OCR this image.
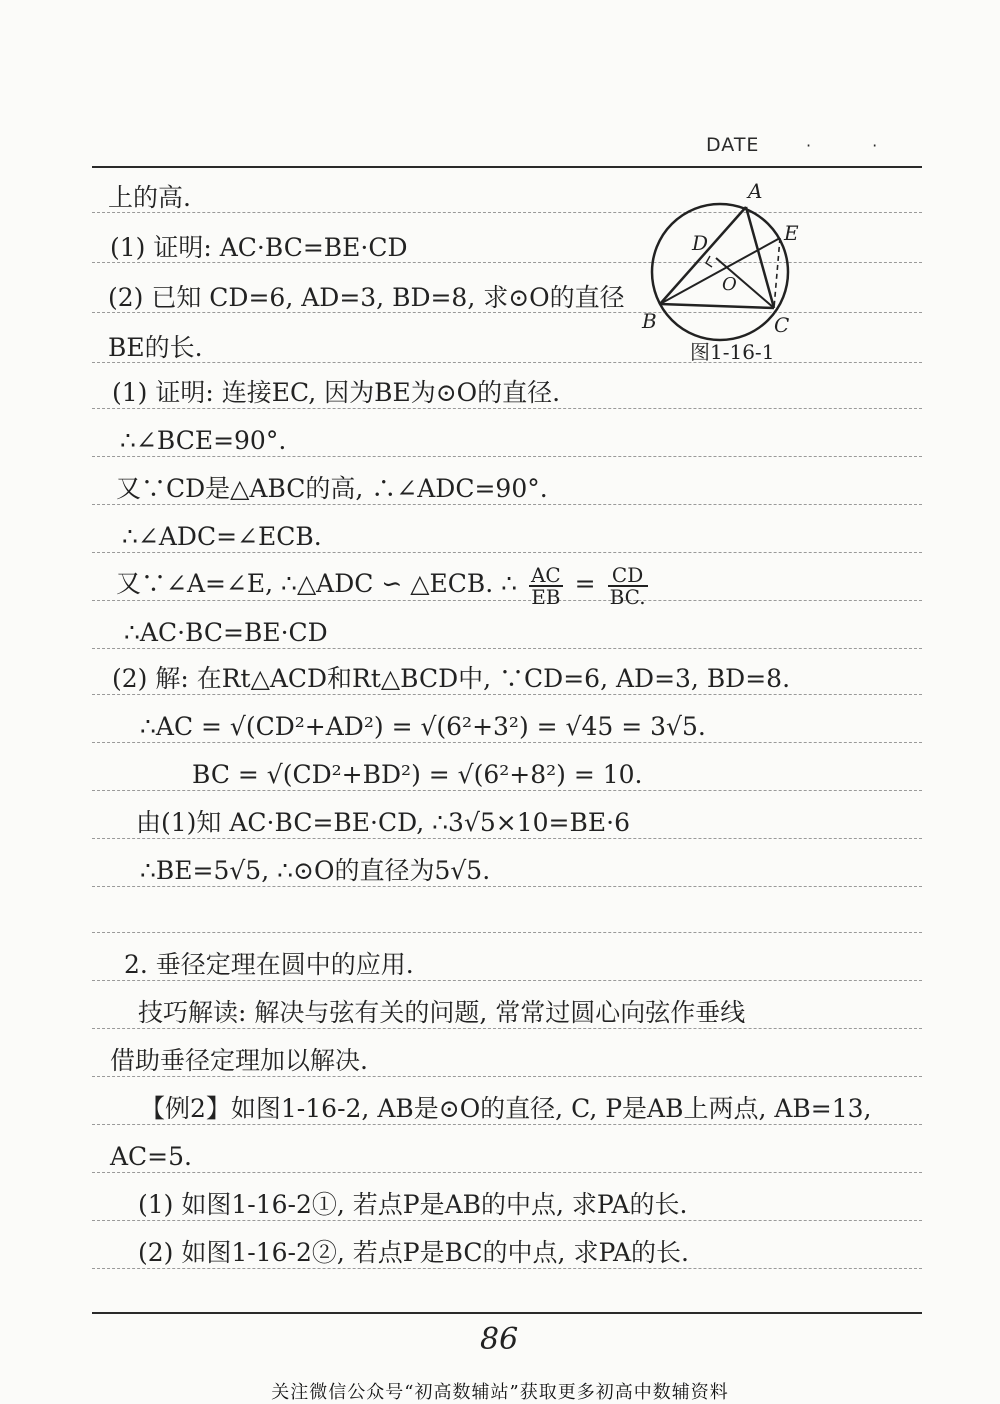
DATE	· ·
A
B	C
D	E
O
图1-16-1
上的高.
(1) 证明: AC·BC=BE·CD
(2) 已知 CD=6, AD=3, BD=8, 求⊙O的直径
BE的长.
(1) 证明: 连接EC, 因为BE为⊙O的直径.
∴∠BCE=90°.
又∵CD是△ABC的高, ∴∠ADC=90°.
∴∠ADC=∠ECB.
又∵∠A=∠E, ∴△ADC ∽ △ECB. ∴ $\frac{AC}{EB} = \frac{CD}{BC.}$
∴AC·BC=BE·CD
(2) 解: 在Rt△ACD和Rt△BCD中, ∵CD=6, AD=3, BD=8.
∴AC = √(CD²+AD²) = √(6²+3²) = √45 = 3√5.
BC = √(CD²+BD²) = √(6²+8²) = 10.
由(1)知 AC·BC=BE·CD, ∴3√5×10=BE·6
∴BE=5√5, ∴⊙O的直径为5√5.
2. 垂径定理在圆中的应用.
技巧解读: 解决与弦有关的问题, 常常过圆心向弦作垂线
借助垂径定理加以解决.
【例2】如图1-16-2, AB是⊙O的直径, C, P是AB上两点, AB=13,
AC=5.
(1) 如图1-16-2①, 若点P是AB的中点, 求PA的长.
(2) 如图1-16-2②, 若点P是BC的中点, 求PA的长.
86
关注微信公众号“初高数辅站”获取更多初高中数辅资料
